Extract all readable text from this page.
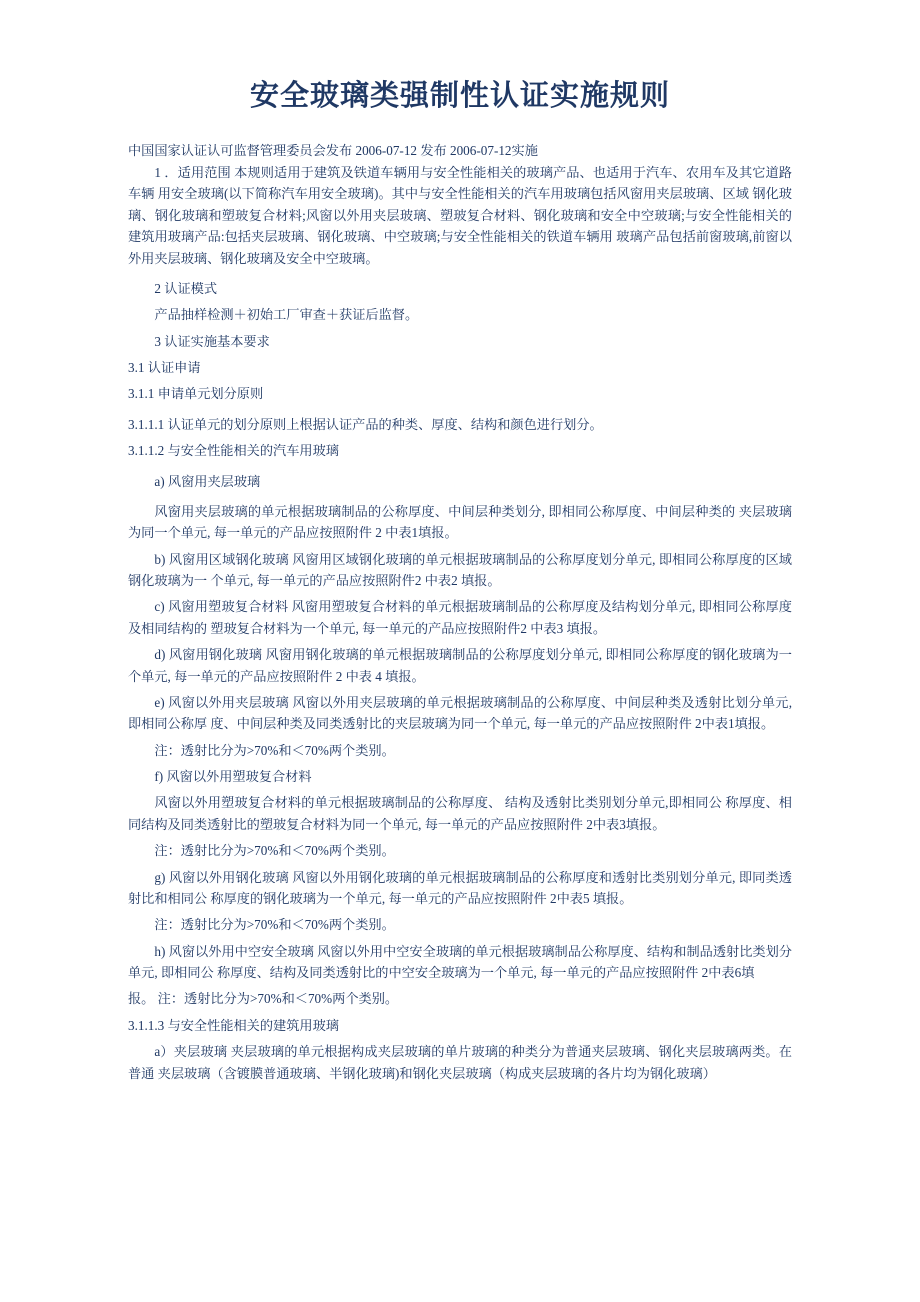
安全玻璃类强制性认证实施规则

中国国家认证认可监督管理委员会发布 2006-07-12 发布 2006-07-12实施

1 ．适用范围 本规则适用于建筑及铁道车辆用与安全性能相关的玻璃产品、也适用于汽车、农用车及其它道路车辆 用安全玻璃(以下简称汽车用安全玻璃)。其中与安全性能相关的汽车用玻璃包括风窗用夹层玻璃、区域 钢化玻璃、钢化玻璃和塑玻复合材料;风窗以外用夹层玻璃、塑玻复合材料、钢化玻璃和安全中空玻璃;与安全性能相关的建筑用玻璃产品:包括夹层玻璃、钢化玻璃、中空玻璃;与安全性能相关的铁道车辆用 玻璃产品包括前窗玻璃,前窗以外用夹层玻璃、钢化玻璃及安全中空玻璃。

2 认证模式

产品抽样检测＋初始工厂审查＋获证后监督。

3 认证实施基本要求

3.1 认证申请

3.1.1 申请单元划分原则

3.1.1.1 认证单元的划分原则上根据认证产品的种类、厚度、结构和颜色进行划分。

3.1.1.2 与安全性能相关的汽车用玻璃

a) 风窗用夹层玻璃

风窗用夹层玻璃的单元根据玻璃制品的公称厚度、中间层种类划分, 即相同公称厚度、中间层种类的 夹层玻璃为同一个单元, 每一单元的产品应按照附件 2 中表1填报。

b) 风窗用区域钢化玻璃 风窗用区域钢化玻璃的单元根据玻璃制品的公称厚度划分单元, 即相同公称厚度的区域钢化玻璃为一 个单元, 每一单元的产品应按照附件2 中表2 填报。

c) 风窗用塑玻复合材料 风窗用塑玻复合材料的单元根据玻璃制品的公称厚度及结构划分单元, 即相同公称厚度及相同结构的 塑玻复合材料为一个单元, 每一单元的产品应按照附件2 中表3 填报。

d) 风窗用钢化玻璃 风窗用钢化玻璃的单元根据玻璃制品的公称厚度划分单元, 即相同公称厚度的钢化玻璃为一个单元, 每一单元的产品应按照附件 2 中表 4 填报。

e) 风窗以外用夹层玻璃 风窗以外用夹层玻璃的单元根据玻璃制品的公称厚度、中间层种类及透射比划分单元, 即相同公称厚 度、中间层种类及同类透射比的夹层玻璃为同一个单元, 每一单元的产品应按照附件 2中表1填报。

注：透射比分为>70%和＜70%两个类别。

f) 风窗以外用塑玻复合材料

风窗以外用塑玻复合材料的单元根据玻璃制品的公称厚度、 结构及透射比类别划分单元,即相同公 称厚度、相同结构及同类透射比的塑玻复合材料为同一个单元, 每一单元的产品应按照附件 2中表3填报。

注：透射比分为>70%和＜70%两个类别。

g) 风窗以外用钢化玻璃 风窗以外用钢化玻璃的单元根据玻璃制品的公称厚度和透射比类别划分单元, 即同类透射比和相同公 称厚度的钢化玻璃为一个单元, 每一单元的产品应按照附件 2中表5 填报。

注：透射比分为>70%和＜70%两个类别。

h) 风窗以外用中空安全玻璃 风窗以外用中空安全玻璃的单元根据玻璃制品公称厚度、结构和制品透射比类划分单元, 即相同公 称厚度、结构及同类透射比的中空安全玻璃为一个单元, 每一单元的产品应按照附件 2中表6填

报。 注：透射比分为>70%和＜70%两个类别。

3.1.1.3 与安全性能相关的建筑用玻璃

a）夹层玻璃 夹层玻璃的单元根据构成夹层玻璃的单片玻璃的种类分为普通夹层玻璃、钢化夹层玻璃两类。在普通 夹层玻璃（含镀膜普通玻璃、半钢化玻璃)和钢化夹层玻璃（构成夹层玻璃的各片均为钢化玻璃）
